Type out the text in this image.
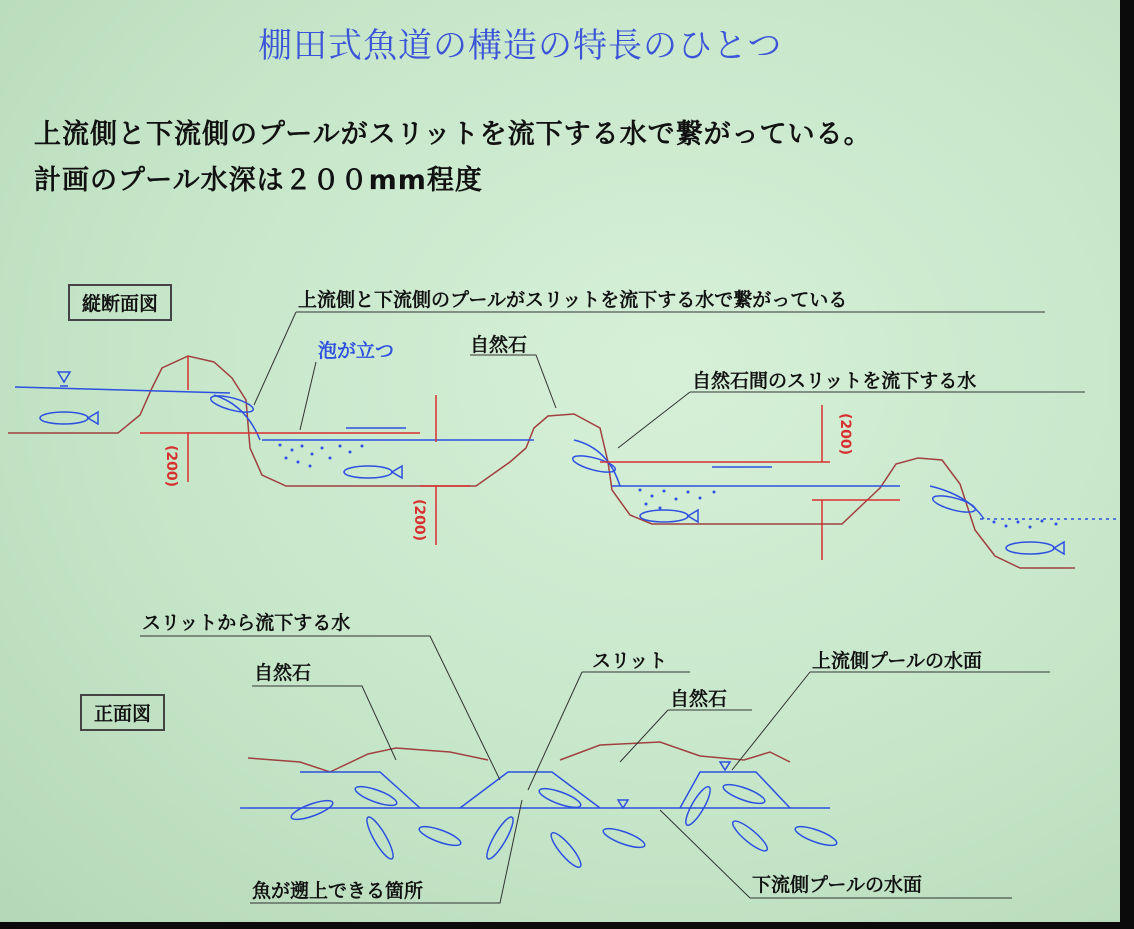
棚田式魚道の構造の特長のひとつ
上流側と下流側のプールがスリットを流下する水で繋がっている。
計画のプール水深は２００mm程度
縦断面図	上流側と下流側のプールがスリットを流下する水で繋がっている
泡が立つ	自然石
自然石間のスリットを流下する水
(200)
(200)
(200)
スリットから流下する水
自然石
正面図
スリット
自然石
上流側プールの水面
魚が遡上できる箇所	下流側プールの水面
